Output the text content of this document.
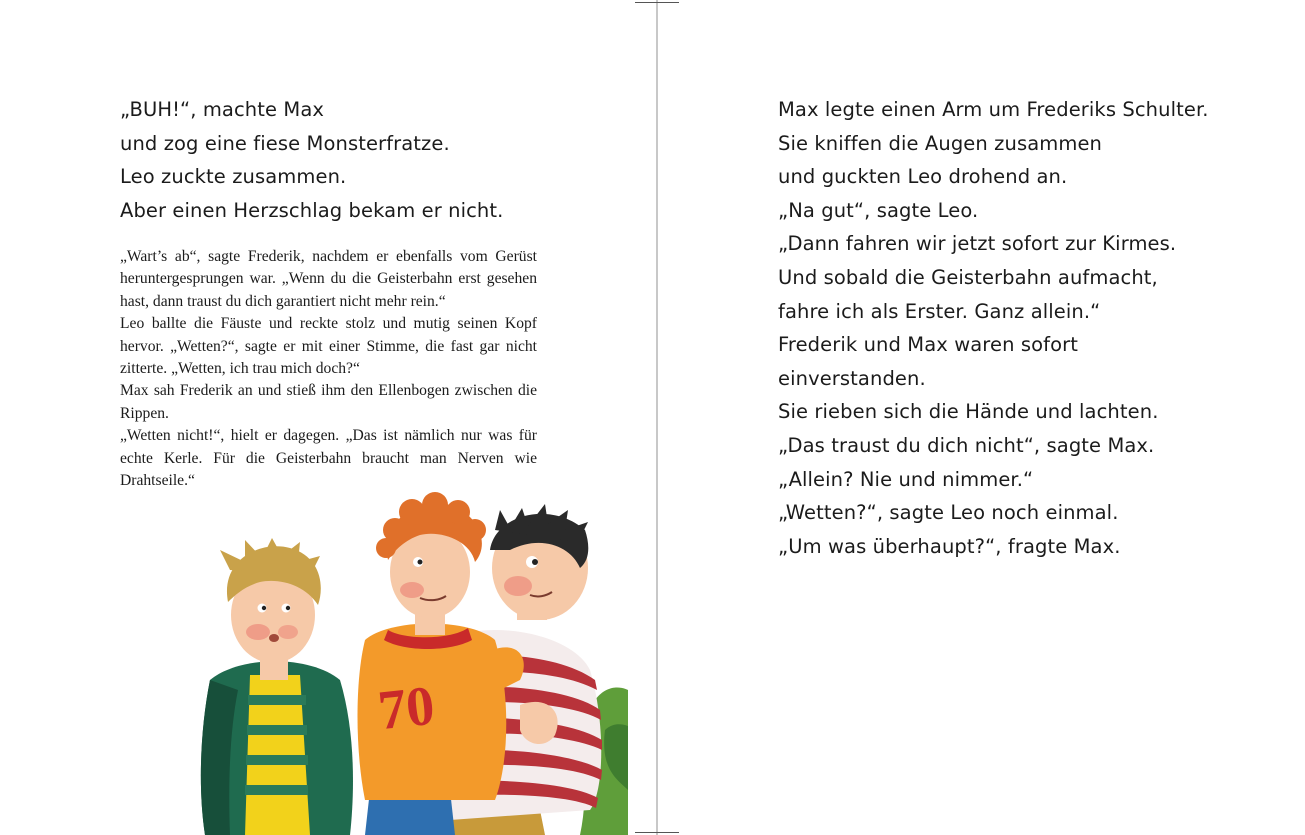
„BUH!“, machte Max
und zog eine fiese Monsterfratze.
Leo zuckte zusammen.
Aber einen Herzschlag bekam er nicht.

„Wart’s ab“, sagte Frederik, nachdem er ebenfalls vom Gerüst heruntergesprungen war. „Wenn du die Geisterbahn erst gesehen hast, dann traust du dich garantiert nicht mehr rein.“

Leo ballte die Fäuste und reckte stolz und mutig seinen Kopf hervor. „Wetten?“, sagte er mit einer Stimme, die fast gar nicht zitterte. „Wetten, ich trau mich doch?“

Max sah Frederik an und stieß ihm den Ellenbogen zwischen die Rippen.

„Wetten nicht!“, hielt er dagegen. „Das ist nämlich nur was für echte Kerle. Für die Geisterbahn braucht man Nerven wie Drahtseile.“

70
Max legte einen Arm um Frederiks Schulter.
Sie kniffen die Augen zusammen
und guckten Leo drohend an.
„Na gut“, sagte Leo.
„Dann fahren wir jetzt sofort zur Kirmes.
Und sobald die Geisterbahn aufmacht,
fahre ich als Erster. Ganz allein.“
Frederik und Max waren sofort
einverstanden.
Sie rieben sich die Hände und lachten.
„Das traust du dich nicht“, sagte Max.
„Allein? Nie und nimmer.“
„Wetten?“, sagte Leo noch einmal.
„Um was überhaupt?“, fragte Max.
